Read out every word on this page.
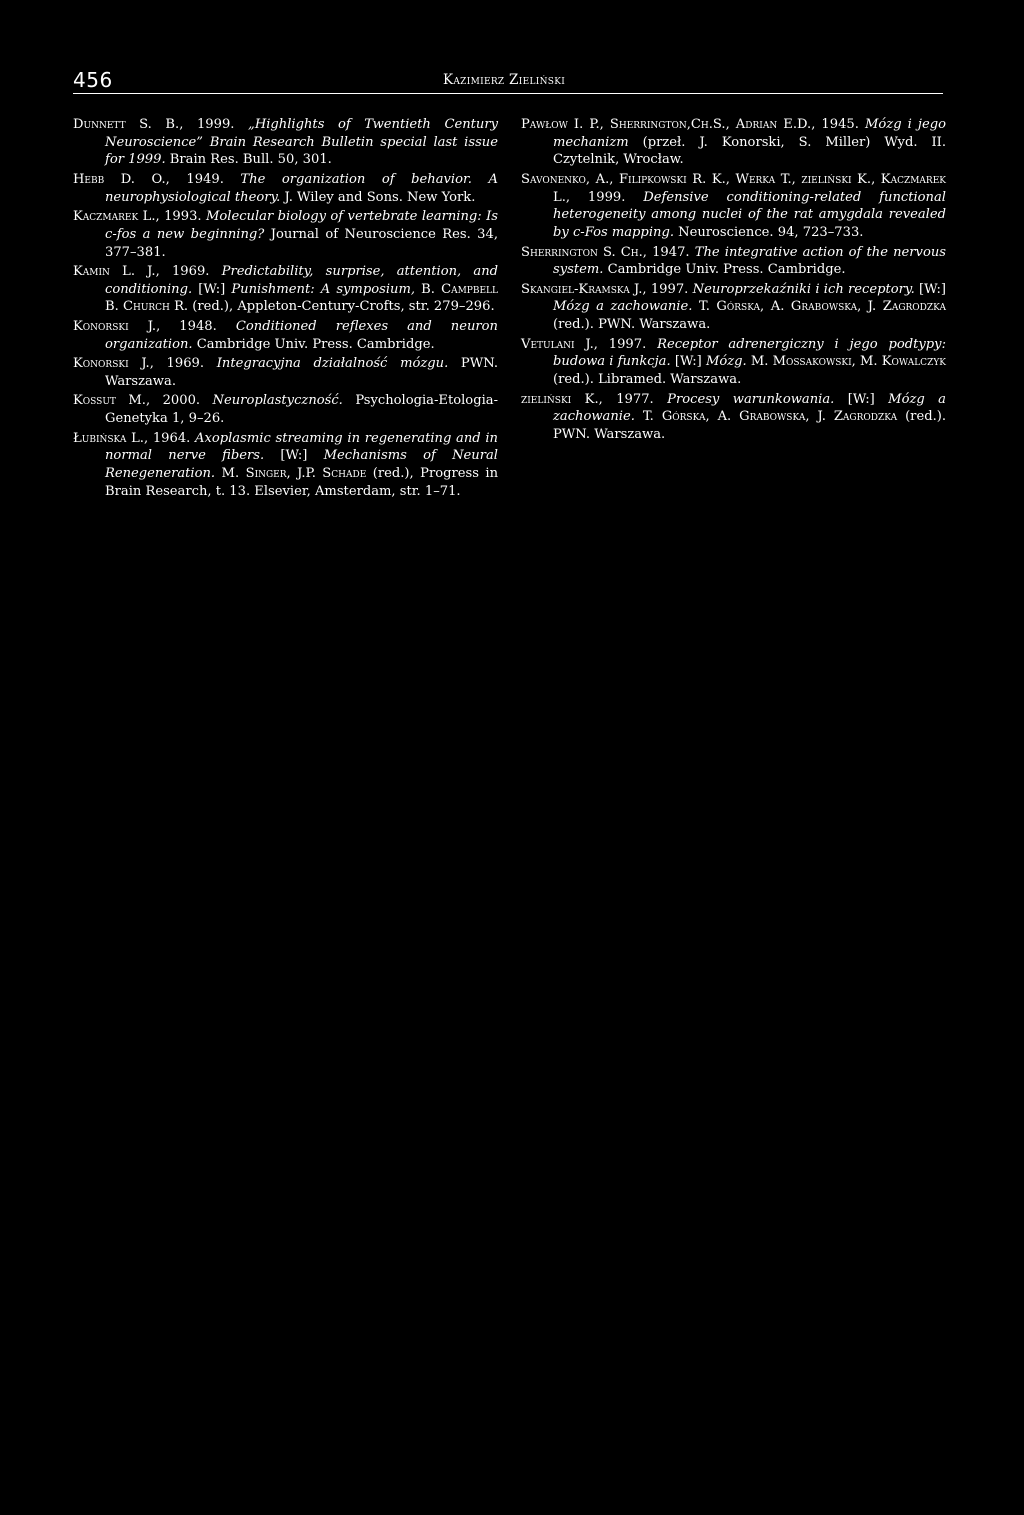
456	Kazimierz Zieliński

Dunnett S. B., 1999. „Highlights of Twentieth Century Neuroscience” Brain Research Bulletin special last issue for 1999. Brain Res. Bull. 50, 301.

Hebb D. O., 1949. The organization of behavior. A neurophysiological theory. J. Wiley and Sons. New York.

Kaczmarek L., 1993. Molecular biology of vertebrate learning: Is c-fos a new beginning? Journal of Neuroscience Res. 34, 377–381.

Kamin L. J., 1969. Predictability, surprise, attention, and conditioning. [W:] Punishment: A symposium, B. Campbell B. Church R. (red.), Appleton-Century-Crofts, str. 279–296.

Konorski J., 1948. Conditioned reflexes and neuron organization. Cambridge Univ. Press. Cambridge.

Konorski J., 1969. Integracyjna działalność mózgu. PWN. Warszawa.

Kossut M., 2000. Neuroplastyczność. Psychologia-Etologia-Genetyka 1, 9–26.

Łubińska L., 1964. Axoplasmic streaming in regenerating and in normal nerve fibers. [W:] Mechanisms of Neural Renegeneration. M. Singer, J.P. Schade (red.), Progress in Brain Research, t. 13. Elsevier, Amsterdam, str. 1–71.

Pawłow I. P., Sherrington,Ch.S., Adrian E.D., 1945. Mózg i jego mechanizm (przeł. J. Konorski, S. Miller) Wyd. II. Czytelnik, Wrocław.

Savonenko, A., Filipkowski R. K., Werka T., zieliński K., Kaczmarek L., 1999. Defensive conditioning-related functional heterogeneity among nuclei of the rat amygdala revealed by c-Fos mapping. Neuroscience. 94, 723–733.

Sherrington S. Ch., 1947. The integrative action of the nervous system. Cambridge Univ. Press. Cambridge.

Skangiel-Kramska J., 1997. Neuroprzekaźniki i ich receptory. [W:] Mózg a zachowanie. T. Górska, A. Grabowska, J. Zagrodzka (red.). PWN. Warszawa.

Vetulani J., 1997. Receptor adrenergiczny i jego podtypy: budowa i funkcja. [W:] Mózg. M. Mossakowski, M. Kowalczyk (red.). Libramed. Warszawa.

zieliński K., 1977. Procesy warunkowania. [W:] Mózg a zachowanie. T. Górska, A. Grabowska, J. Zagrodzka (red.). PWN. Warszawa.
